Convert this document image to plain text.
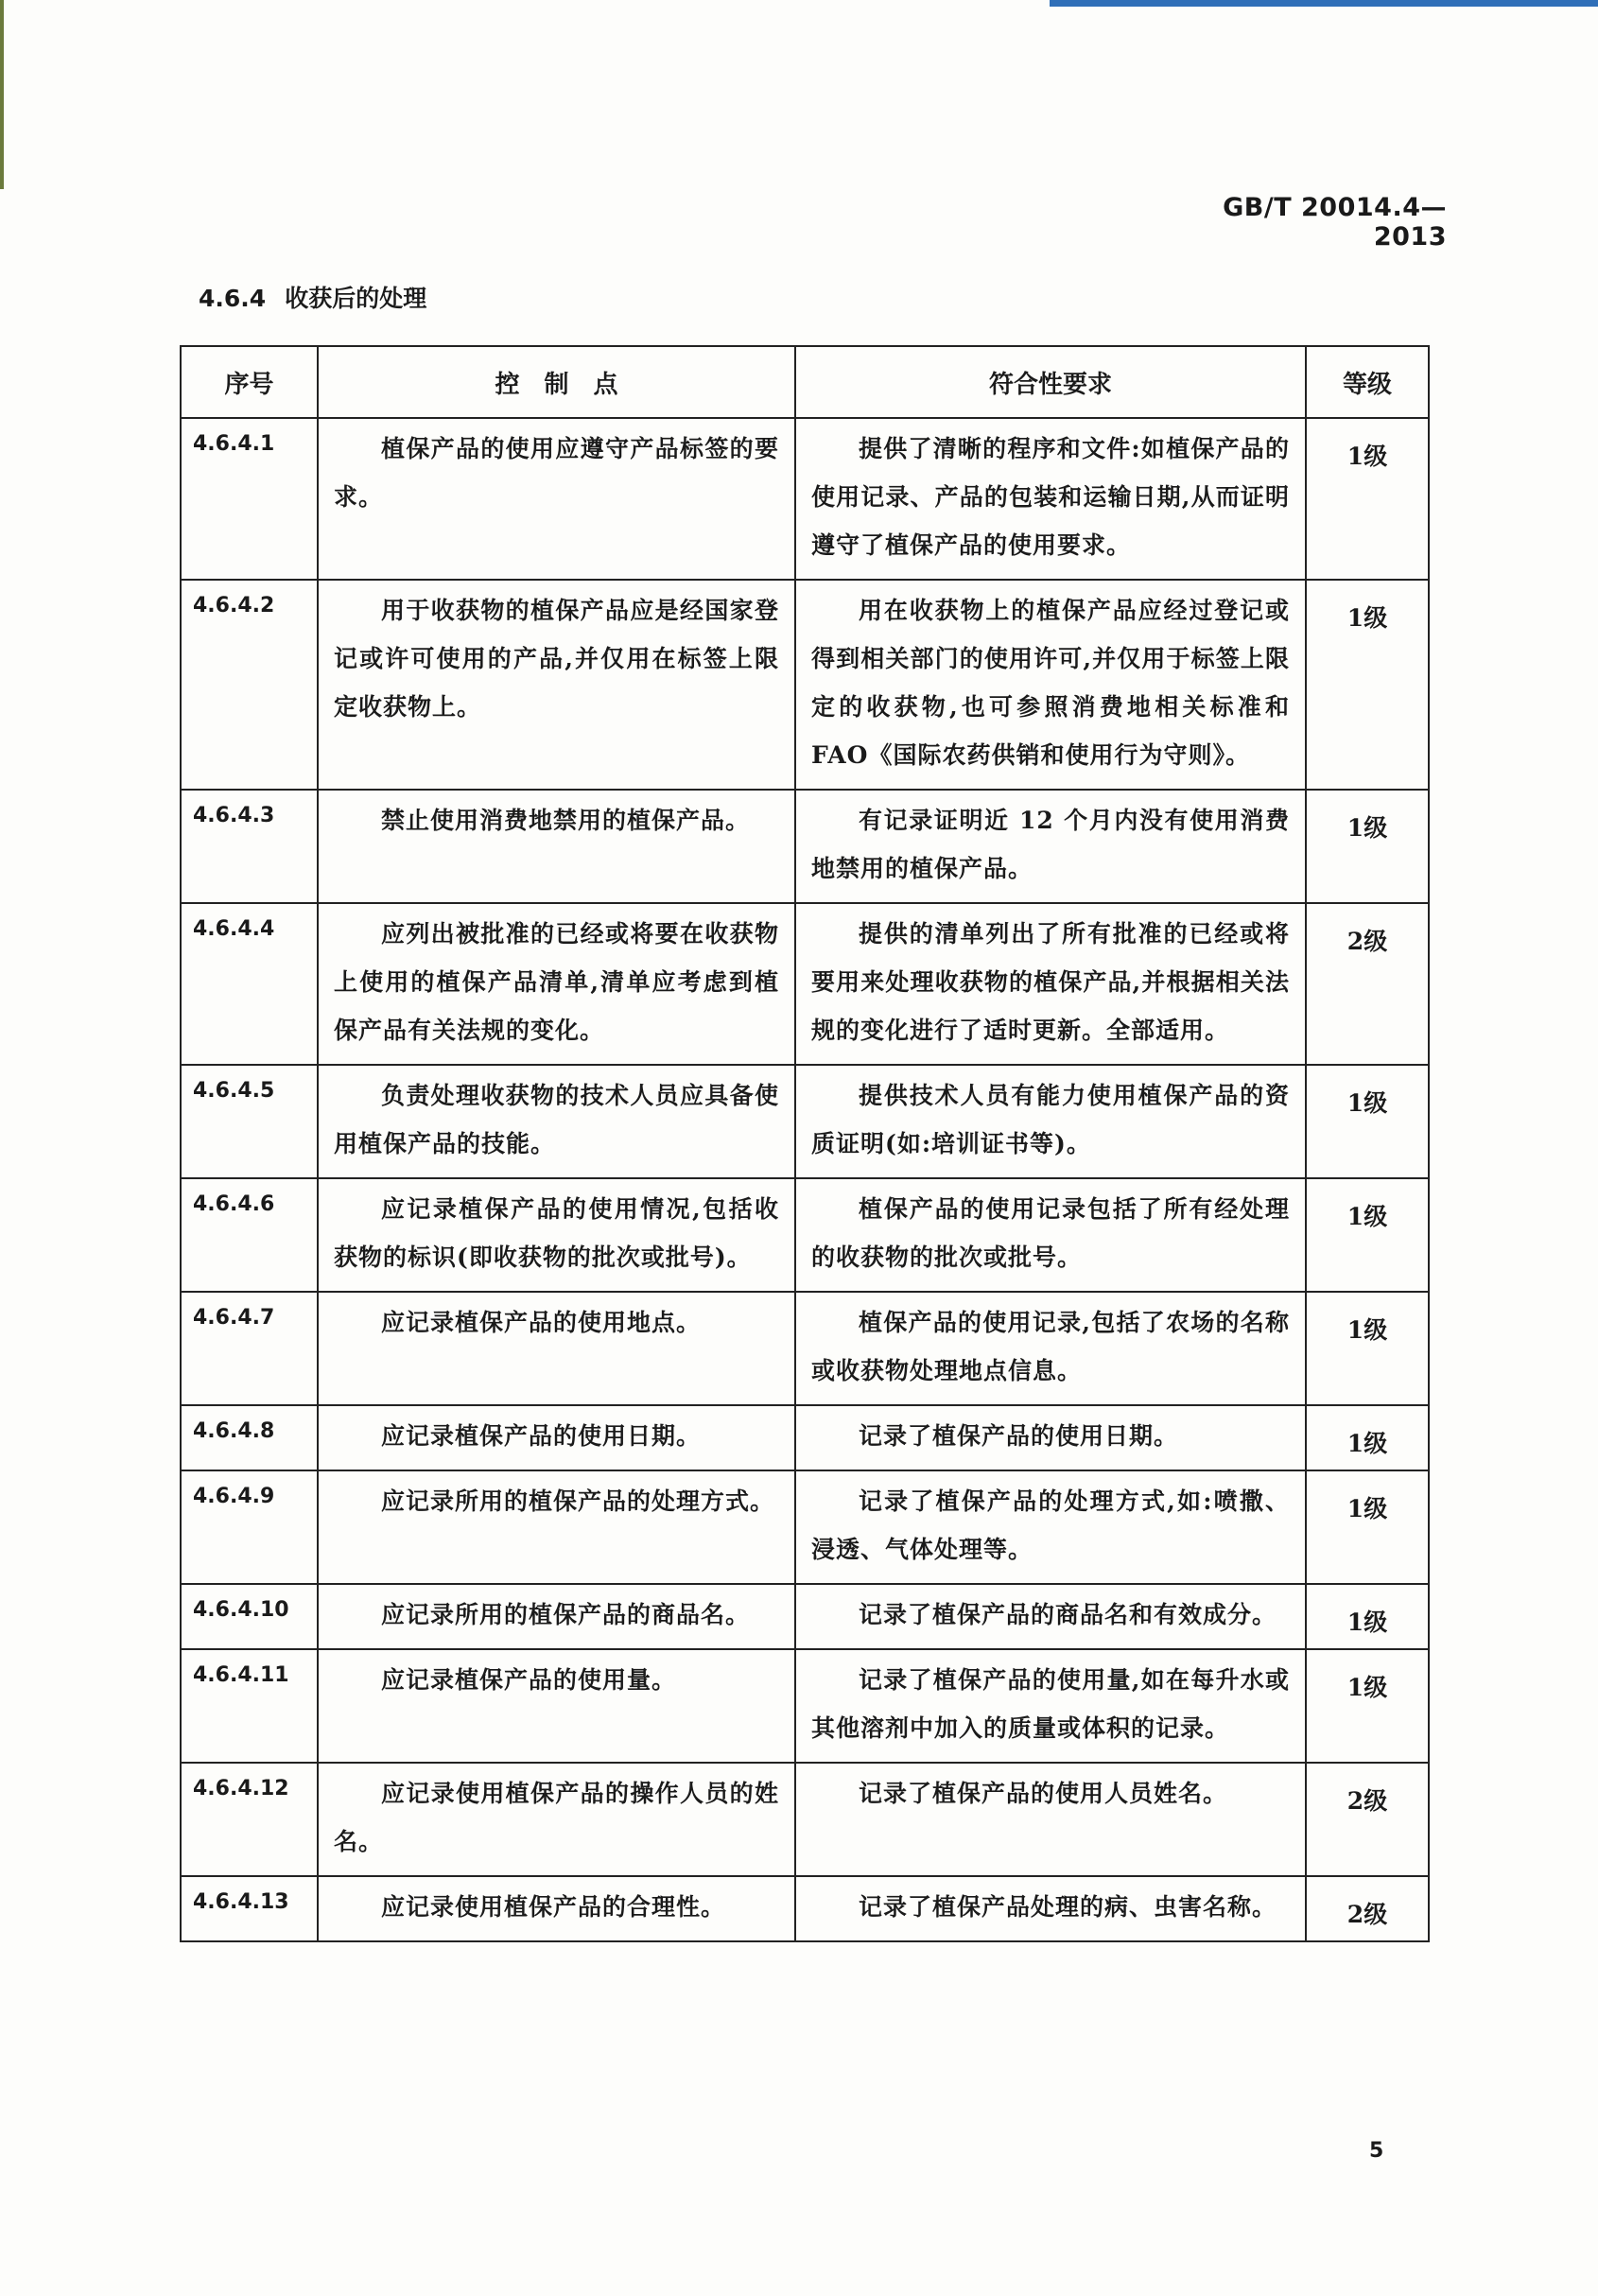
GB/T 20014.4—2013
4.6.4 收获后的处理
序号	控　制　点	符合性要求	等级
4.6.4.1	植保产品的使用应遵守产品标签的要求。	提供了清晰的程序和文件:如植保产品的使用记录、产品的包装和运输日期,从而证明遵守了植保产品的使用要求。	1级
4.6.4.2	用于收获物的植保产品应是经国家登记或许可使用的产品,并仅用在标签上限定收获物上。	用在收获物上的植保产品应经过登记或得到相关部门的使用许可,并仅用于标签上限定的收获物,也可参照消费地相关标准和 FAO《国际农药供销和使用行为守则》。	1级
4.6.4.3	禁止使用消费地禁用的植保产品。	有记录证明近 12 个月内没有使用消费地禁用的植保产品。	1级
4.6.4.4	应列出被批准的已经或将要在收获物上使用的植保产品清单,清单应考虑到植保产品有关法规的变化。	提供的清单列出了所有批准的已经或将要用来处理收获物的植保产品,并根据相关法规的变化进行了适时更新。全部适用。	2级
4.6.4.5	负责处理收获物的技术人员应具备使用植保产品的技能。	提供技术人员有能力使用植保产品的资质证明(如:培训证书等)。	1级
4.6.4.6	应记录植保产品的使用情况,包括收获物的标识(即收获物的批次或批号)。	植保产品的使用记录包括了所有经处理的收获物的批次或批号。	1级
4.6.4.7	应记录植保产品的使用地点。	植保产品的使用记录,包括了农场的名称或收获物处理地点信息。	1级
4.6.4.8	应记录植保产品的使用日期。	记录了植保产品的使用日期。	1级
4.6.4.9	应记录所用的植保产品的处理方式。	记录了植保产品的处理方式,如:喷撒、浸透、气体处理等。	1级
4.6.4.10	应记录所用的植保产品的商品名。	记录了植保产品的商品名和有效成分。	1级
4.6.4.11	应记录植保产品的使用量。	记录了植保产品的使用量,如在每升水或其他溶剂中加入的质量或体积的记录。	1级
4.6.4.12	应记录使用植保产品的操作人员的姓名。	记录了植保产品的使用人员姓名。	2级
4.6.4.13	应记录使用植保产品的合理性。	记录了植保产品处理的病、虫害名称。	2级
5
